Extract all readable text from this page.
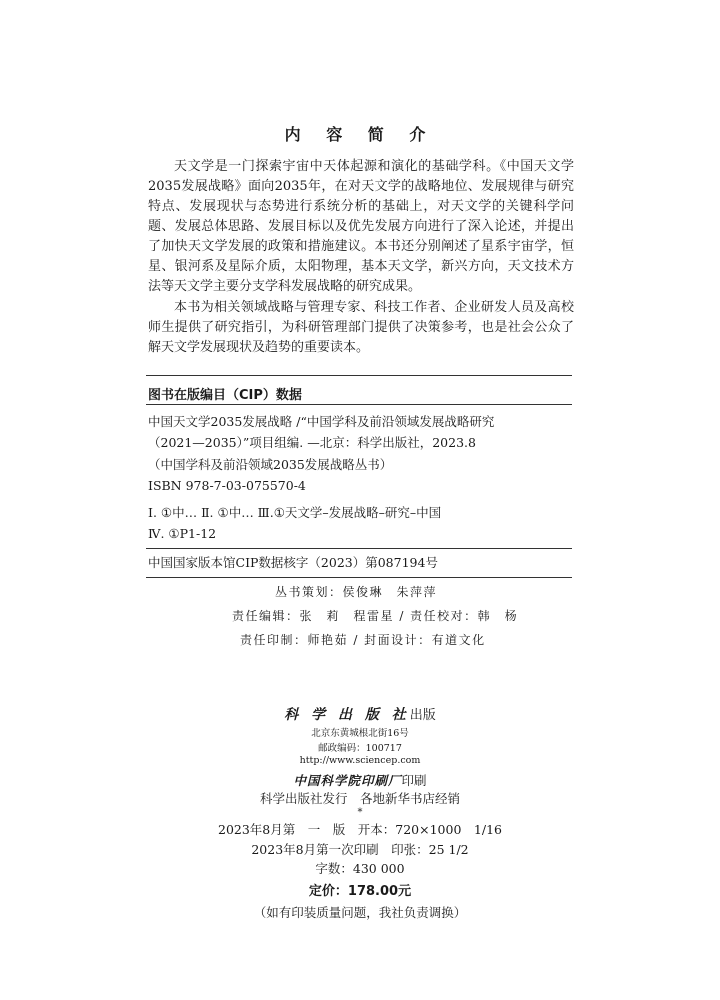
内 容 简 介

天文学是一门探索宇宙中天体起源和演化的基础学科。《中国天文学2035发展战略》面向2035年，在对天文学的战略地位、发展规律与研究特点、发展现状与态势进行系统分析的基础上，对天文学的关键科学问题、发展总体思路、发展目标以及优先发展方向进行了深入论述，并提出了加快天文学发展的政策和措施建议。本书还分别阐述了星系宇宙学，恒星、银河系及星际介质，太阳物理，基本天文学，新兴方向，天文技术方法等天文学主要分支学科发展战略的研究成果。

本书为相关领域战略与管理专家、科技工作者、企业研发人员及高校师生提供了研究指引，为科研管理部门提供了决策参考，也是社会公众了解天文学发展现状及趋势的重要读本。

图书在版编目（CIP）数据
中国天文学2035发展战略 /“中国学科及前沿领域发展战略研究
（2021—2035）”项目组编. —北京：科学出版社，2023.8
（中国学科及前沿领域2035发展战略丛书）
ISBN 978-7-03-075570-4
Ⅰ. ①中… Ⅱ. ①中… Ⅲ.①天文学–发展战略–研究–中国
Ⅳ. ①P1-12
中国国家版本馆CIP数据核字（2023）第087194号
丛书策划：侯俊琳　朱萍萍
责任编辑：张　莉　程雷星 / 责任校对：韩　杨
责任印制：师艳茹 / 封面设计：有道文化
科 学 出 版 社出版
北京东黄城根北街16号
邮政编码：100717
http://www.sciencep.com
中国科学院印刷厂印刷
科学出版社发行　各地新华书店经销
*
2023年8月第　一　版　开本：720×1000　1/16
2023年8月第一次印刷　印张：25 1/2
字数：430 000
定价：178.00元
（如有印装质量问题，我社负责调换）
